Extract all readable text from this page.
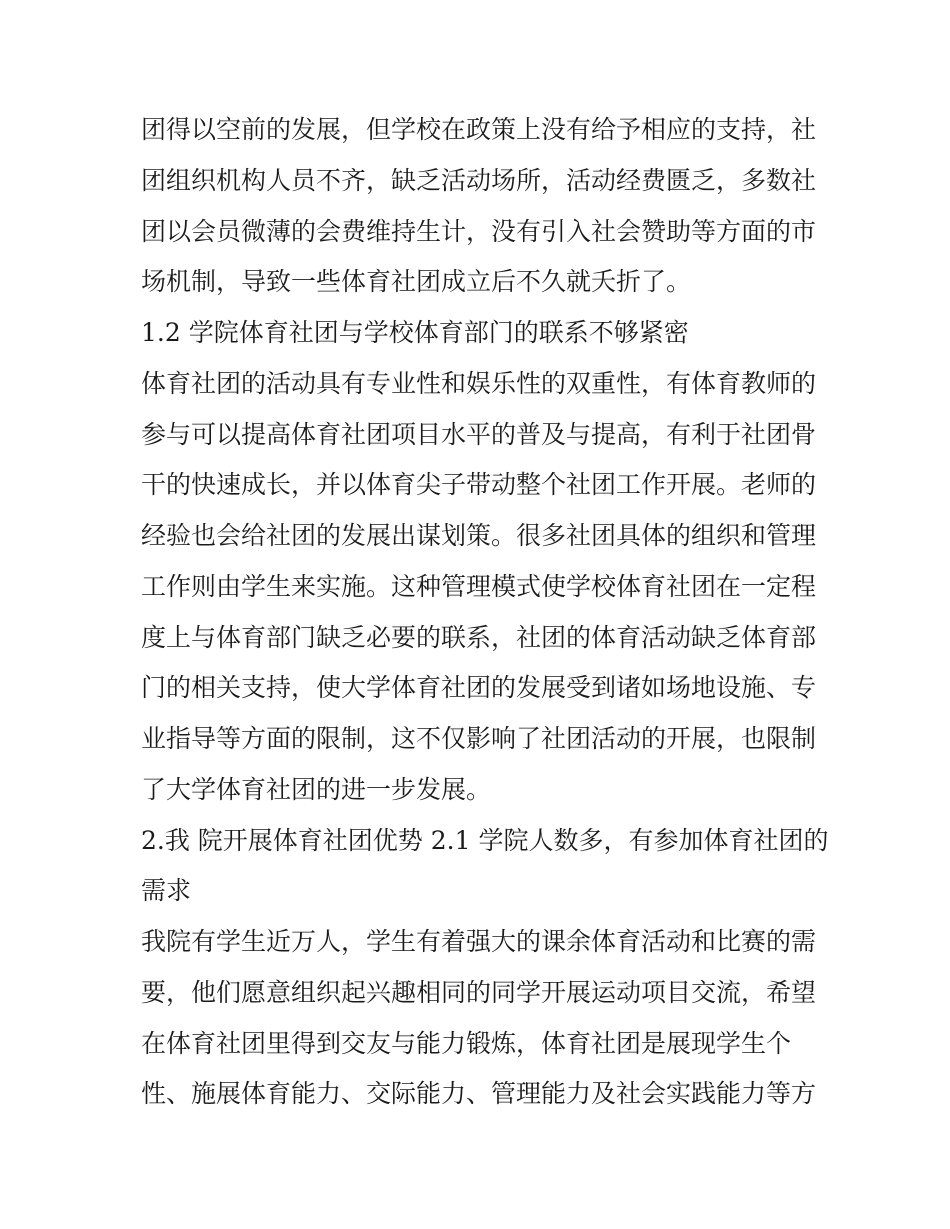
团得以空前的发展，但学校在政策上没有给予相应的支持，社
团组织机构人员不齐，缺乏活动场所，活动经费匮乏，多数社
团以会员微薄的会费维持生计，没有引入社会赞助等方面的市
场机制，导致一些体育社团成立后不久就夭折了。
1.2 学院体育社团与学校体育部门的联系不够紧密
体育社团的活动具有专业性和娱乐性的双重性，有体育教师的
参与可以提高体育社团项目水平的普及与提高，有利于社团骨
干的快速成长，并以体育尖子带动整个社团工作开展。老师的
经验也会给社团的发展出谋划策。很多社团具体的组织和管理
工作则由学生来实施。这种管理模式使学校体育社团在一定程
度上与体育部门缺乏必要的联系，社团的体育活动缺乏体育部
门的相关支持，使大学体育社团的发展受到诸如场地设施、专
业指导等方面的限制，这不仅影响了社团活动的开展，也限制
了大学体育社团的进一步发展。
2.我 院开展体育社团优势 2.1 学院人数多，有参加体育社团的
需求
我院有学生近万人，学生有着强大的课余体育活动和比赛的需
要，他们愿意组织起兴趣相同的同学开展运动项目交流，希望
在体育社团里得到交友与能力锻炼，体育社团是展现学生个
性、施展体育能力、交际能力、管理能力及社会实践能力等方
